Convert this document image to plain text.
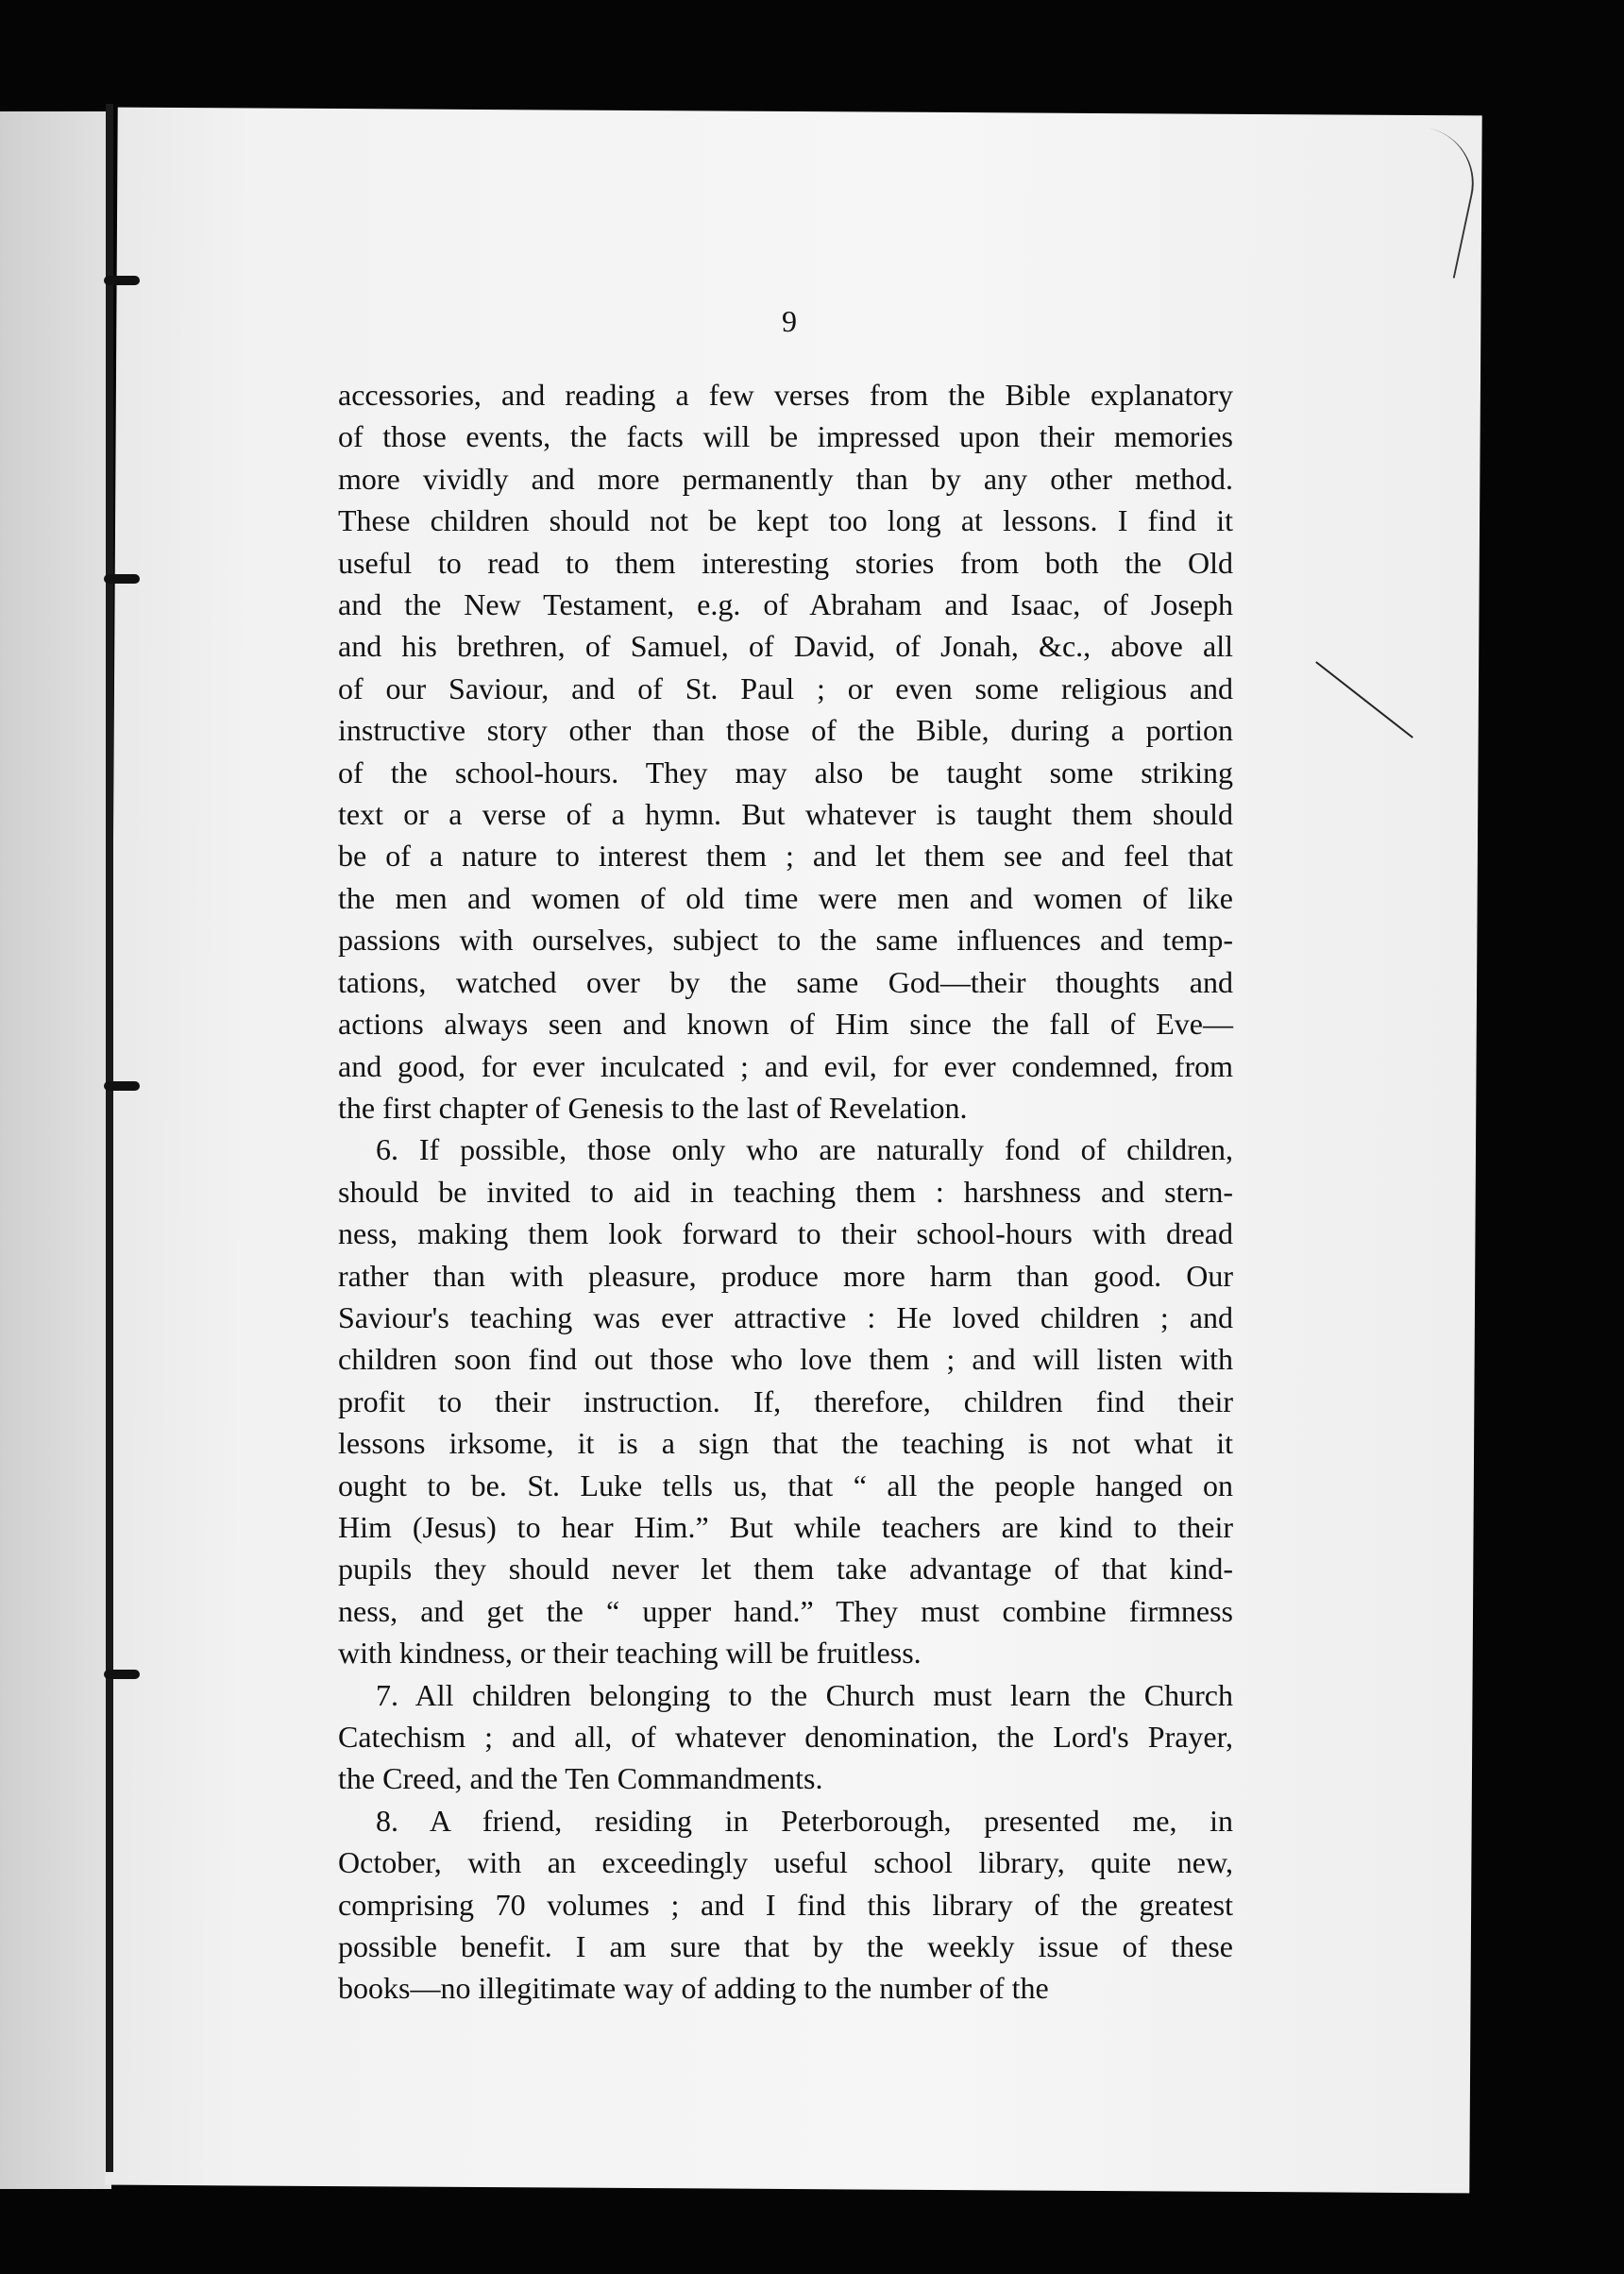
9

accessories, and reading a few verses from the Bible explanatory
of those events, the facts will be impressed upon their memories
more vividly and more permanently than by any other method.
These children should not be kept too long at lessons. I find it
useful to read to them interesting stories from both the Old
and the New Testament, e.g. of Abraham and Isaac, of Joseph
and his brethren, of Samuel, of David, of Jonah, &c., above all
of our Saviour, and of St. Paul ; or even some religious and
instructive story other than those of the Bible, during a portion
of the school-hours. They may also be taught some striking
text or a verse of a hymn. But whatever is taught them should
be of a nature to interest them ; and let them see and feel that
the men and women of old time were men and women of like
passions with ourselves, subject to the same influences and temp-
tations, watched over by the same God—their thoughts and
actions always seen and known of Him since the fall of Eve—
and good, for ever inculcated ; and evil, for ever condemned, from
the first chapter of Genesis to the last of Revelation.

6. If possible, those only who are naturally fond of children,
should be invited to aid in teaching them : harshness and stern-
ness, making them look forward to their school-hours with dread
rather than with pleasure, produce more harm than good. Our
Saviour's teaching was ever attractive : He loved children ; and
children soon find out those who love them ; and will listen with
profit to their instruction. If, therefore, children find their
lessons irksome, it is a sign that the teaching is not what it
ought to be. St. Luke tells us, that “ all the people hanged on
Him (Jesus) to hear Him.” But while teachers are kind to their
pupils they should never let them take advantage of that kind-
ness, and get the “ upper hand.” They must combine firmness
with kindness, or their teaching will be fruitless.

7. All children belonging to the Church must learn the Church
Catechism ; and all, of whatever denomination, the Lord's Prayer,
the Creed, and the Ten Commandments.

8. A friend, residing in Peterborough, presented me, in
October, with an exceedingly useful school library, quite new,
comprising 70 volumes ; and I find this library of the greatest
possible benefit. I am sure that by the weekly issue of these
books—no illegitimate way of adding to the number of the
